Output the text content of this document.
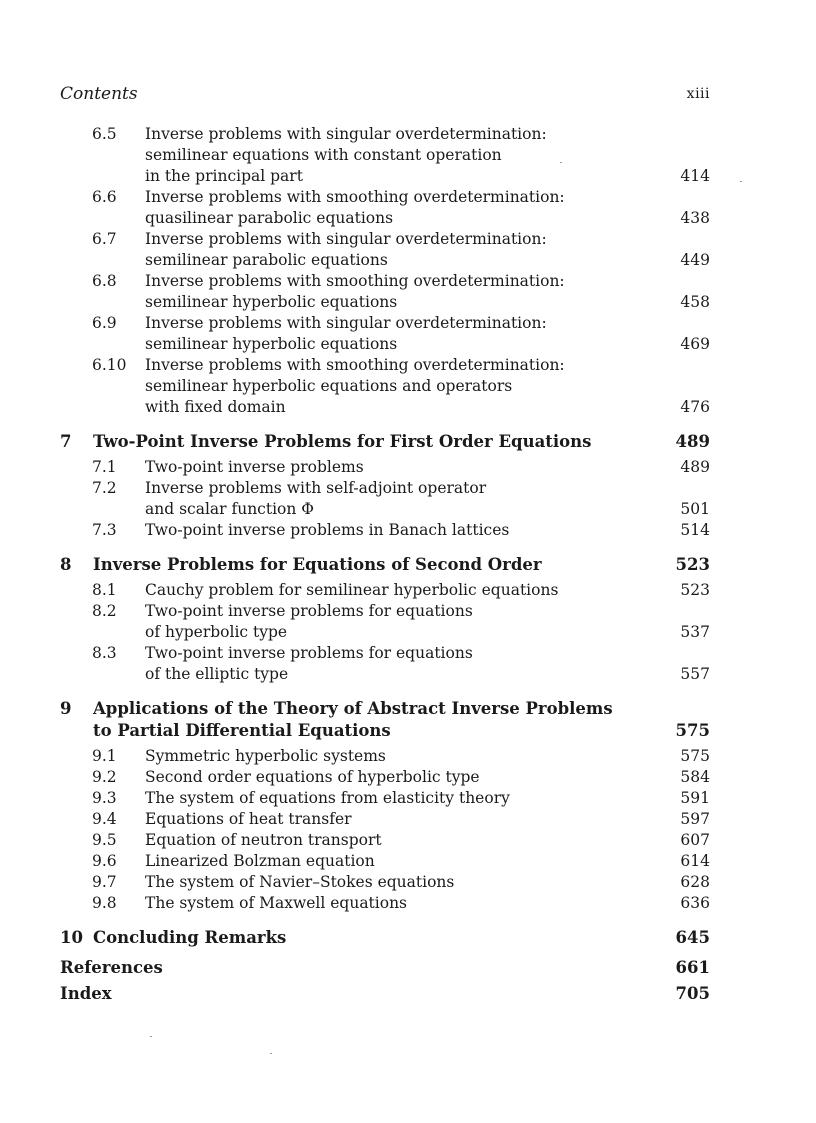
Contents	xiii
6.5 Inverse problems with singular overdetermination:
semilinear equations with constant operation
in the principal part	414
6.6 Inverse problems with smoothing overdetermination:
quasilinear parabolic equations	438
6.7 Inverse problems with singular overdetermination:
semilinear parabolic equations	449
6.8 Inverse problems with smoothing overdetermination:
semilinear hyperbolic equations	458
6.9 Inverse problems with singular overdetermination:
semilinear hyperbolic equations	469
6.10 Inverse problems with smoothing overdetermination:
semilinear hyperbolic equations and operators
with fixed domain	476
7 Two-Point Inverse Problems for First Order Equations	489
7.1 Two-point inverse problems	489
7.2 Inverse problems with self-adjoint operator
and scalar function Φ	501
7.3 Two-point inverse problems in Banach lattices	514
8 Inverse Problems for Equations of Second Order	523
8.1 Cauchy problem for semilinear hyperbolic equations	523
8.2 Two-point inverse problems for equations
of hyperbolic type	537
8.3 Two-point inverse problems for equations
of the elliptic type	557
9 Applications of the Theory of Abstract Inverse Problems
to Partial Differential Equations	575
9.1 Symmetric hyperbolic systems	575
9.2 Second order equations of hyperbolic type	584
9.3 The system of equations from elasticity theory	591
9.4 Equations of heat transfer	597
9.5 Equation of neutron transport	607
9.6 Linearized Bolzman equation	614
9.7 The system of Navier–Stokes equations	628
9.8 The system of Maxwell equations	636
10 Concluding Remarks	645
References	661
Index	705
